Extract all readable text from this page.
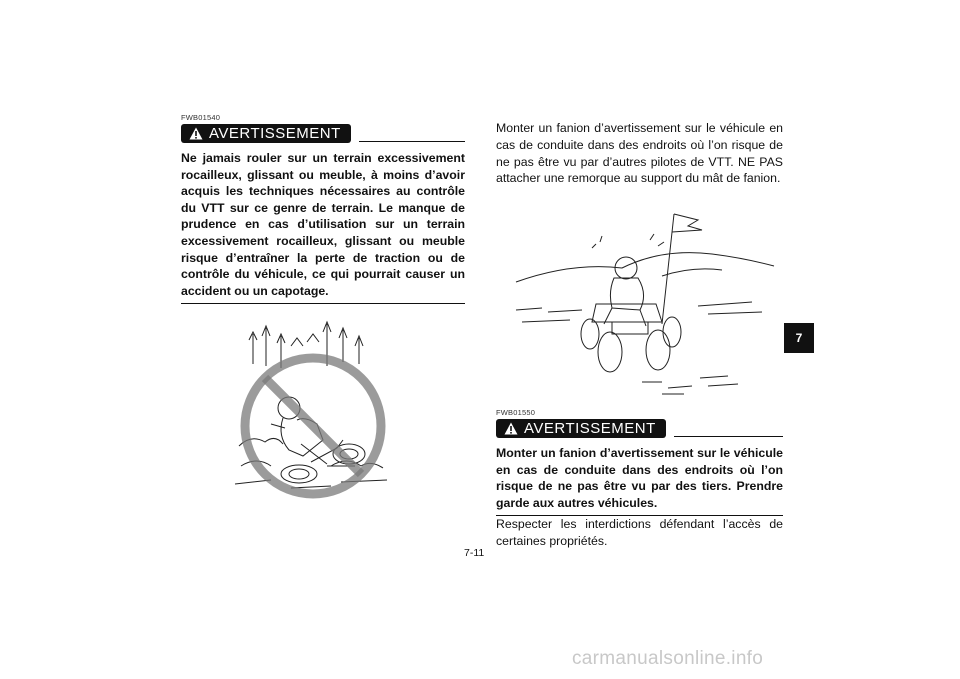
FWB01540
AVERTISSEMENT

Ne jamais rouler sur un terrain excessivement rocailleux, glissant ou meuble, à moins d’avoir acquis les techniques nécessaires au contrôle du VTT sur ce genre de terrain. Le manque de prudence en cas d’utilisation sur un terrain excessivement rocailleux, glissant ou meuble risque d’entraîner la perte de traction ou de contrôle du véhicule, ce qui pourrait causer un accident ou un capotage.

Monter un fanion d’avertissement sur le véhicule en cas de conduite dans des endroits où l’on risque de ne pas être vu par d’autres pilotes de VTT. NE PAS attacher une remorque au support du mât de fanion.

FWB01550
AVERTISSEMENT

Monter un fanion d’avertissement sur le véhicule en cas de conduite dans des endroits où l’on risque de ne pas être vu par des tiers. Prendre garde aux autres véhicules.

Respecter les interdictions défendant l’accès de certaines propriétés.

7-11
7
carmanualsonline.info
